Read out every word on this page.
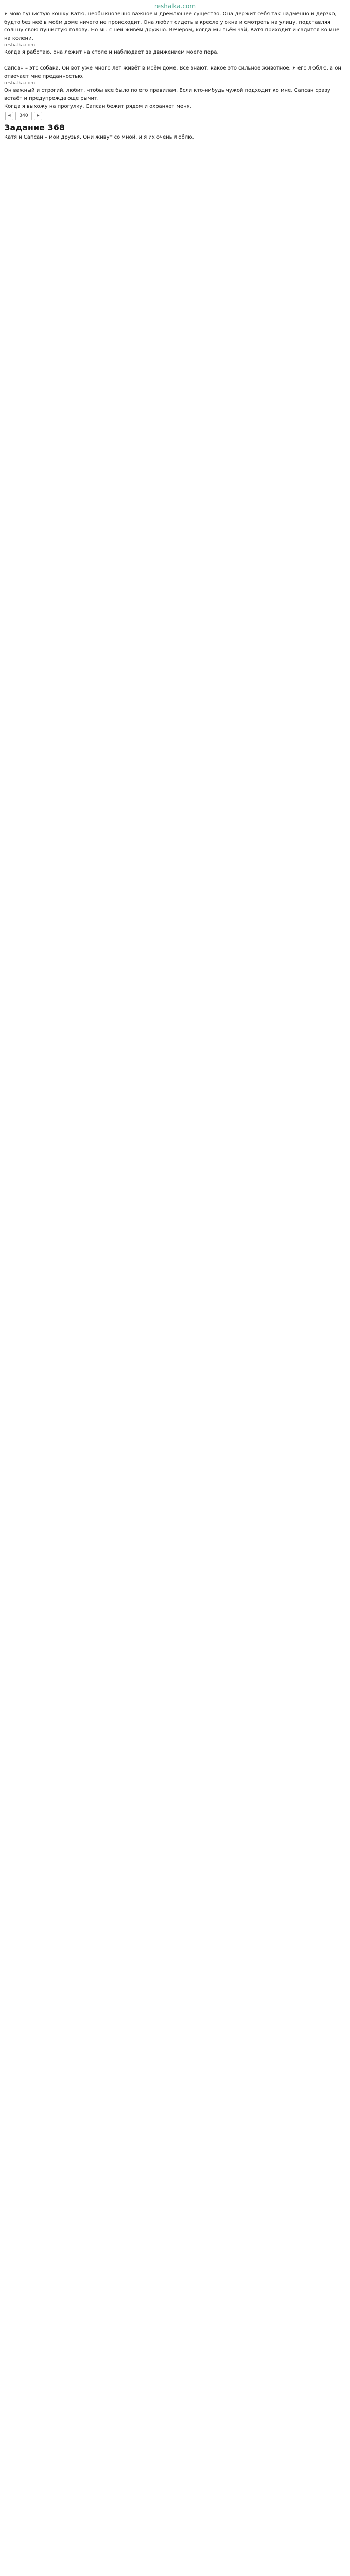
reshalka.com

Я мою пушистую кошку Катю, необыкновенно важное и дремлющее существо. Она держит себя так надменно и дерзко, будто без неё в моём доме ничего не происходит. Она любит сидеть в кресле у окна и смотреть на улицу, подставляя солнцу свою пушистую голову. Но мы с ней живём дружно. Вечером, когда мы пьём чай, Катя приходит и садится ко мне на колени.

reshalka.com

Когда я работаю, она лежит на столе и наблюдает за движением моего пера.

Сапсан – это собака. Он вот уже много лет живёт в моём доме. Все знают, какое это сильное животное. Я его люблю, а он отвечает мне преданностью.

reshalka.com

Он важный и строгий, любит, чтобы все было по его правилам. Если кто‑нибудь чужой подходит ко мне, Сапсан сразу встаёт и предупреждающе рычит.

Когда я выхожу на прогулку, Сапсан бежит рядом и охраняет меня.

◂	340	▸
Задание 368

Катя и Сапсан – мои друзья. Они живут со мной, и я их очень люблю.
